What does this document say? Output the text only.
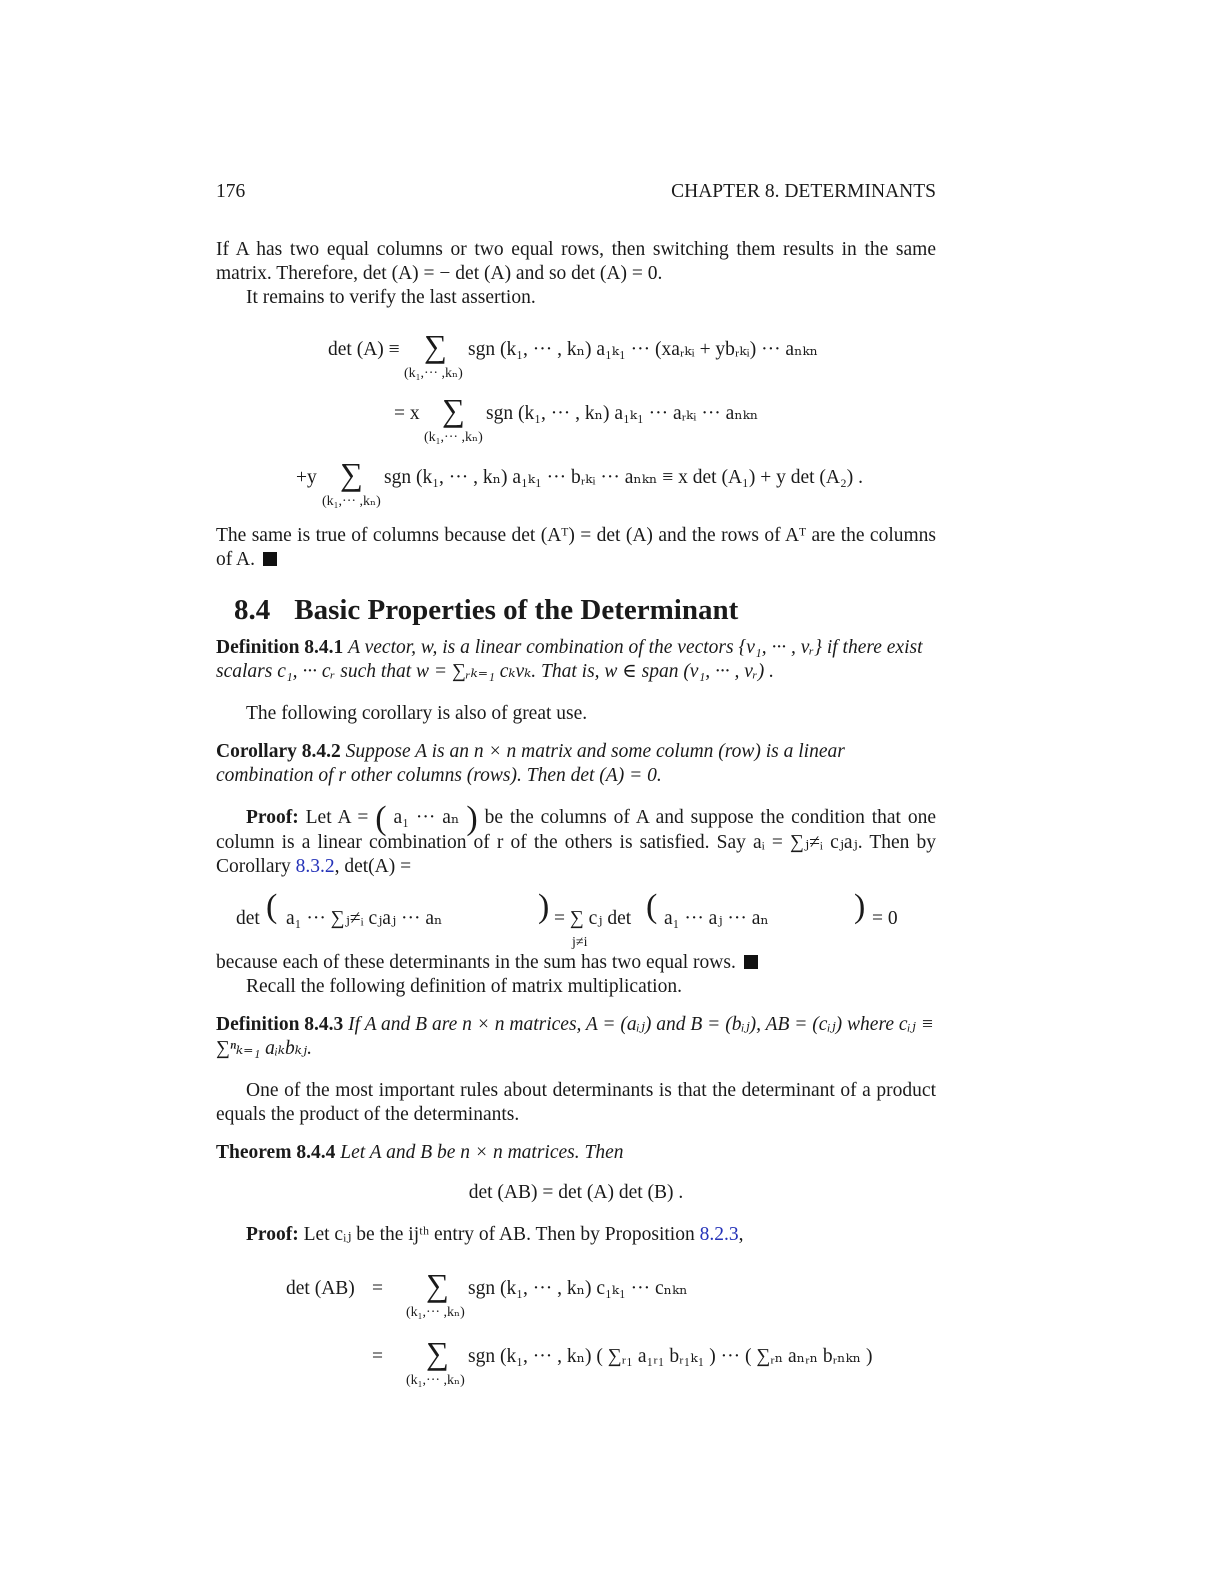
176	CHAPTER 8. DETERMINANTS

If A has two equal columns or two equal rows, then switching them results in the same matrix. Therefore, det (A) = − det (A) and so det (A) = 0.

It remains to verify the last assertion.

det (A) ≡ ∑
(k₁,··· ,kₙ)
sgn (k₁, ··· , kₙ) a₁ₖ₁ ··· (xaᵣₖᵢ + ybᵣₖᵢ) ··· aₙₖₙ
= x ∑
(k₁,··· ,kₙ)
sgn (k₁, ··· , kₙ) a₁ₖ₁ ··· aᵣₖᵢ ··· aₙₖₙ
+y ∑
(k₁,··· ,kₙ)
sgn (k₁, ··· , kₙ) a₁ₖ₁ ··· bᵣₖᵢ ··· aₙₖₙ ≡ x det (A₁) + y det (A₂) .

The same is true of columns because det (Aᵀ) = det (A) and the rows of Aᵀ are the columns of A.

8.4 Basic Properties of the Determinant
Definition 8.4.1 A vector, w, is a linear combination of the vectors {v₁, ··· , vᵣ} if there exist scalars c₁, ··· cᵣ such that w = ∑ᵣₖ₌₁ cₖvₖ. That is, w ∈ span (v₁, ··· , vᵣ) .

The following corollary is also of great use.

Corollary 8.4.2 Suppose A is an n × n matrix and some column (row) is a linear combination of r other columns (rows). Then det (A) = 0.

Proof: Let A = ( a₁ ··· aₙ ) be the columns of A and suppose the condition that one column is a linear combination of r of the others is satisfied. Say aᵢ = ∑ⱼ≠ᵢ cⱼaⱼ. Then by Corollary 8.3.2, det(A) =

det ( a₁ ··· ∑ⱼ≠ᵢ cⱼaⱼ ··· aₙ	) = ∑ cⱼ det
j≠i
( a₁ ··· aⱼ ··· aₙ	) = 0

because each of these determinants in the sum has two equal rows.

Recall the following definition of matrix multiplication.

Definition 8.4.3 If A and B are n × n matrices, A = (aᵢⱼ) and B = (bᵢⱼ), AB = (cᵢⱼ) where cᵢⱼ ≡ ∑ⁿₖ₌₁ aᵢₖbₖⱼ.

One of the most important rules about determinants is that the determinant of a product equals the product of the determinants.

Theorem 8.4.4 Let A and B be n × n matrices. Then
det (AB) = det (A) det (B) .

Proof: Let cᵢⱼ be the ijᵗʰ entry of AB. Then by Proposition 8.2.3,

det (AB) = ∑
(k₁,··· ,kₙ)
sgn (k₁, ··· , kₙ) c₁ₖ₁ ··· cₙₖₙ
= ∑
(k₁,··· ,kₙ)
sgn (k₁, ··· , kₙ) ( ∑ᵣ₁ a₁ᵣ₁ bᵣ₁ₖ₁ ) ··· ( ∑ᵣₙ aₙᵣₙ bᵣₙₖₙ )
